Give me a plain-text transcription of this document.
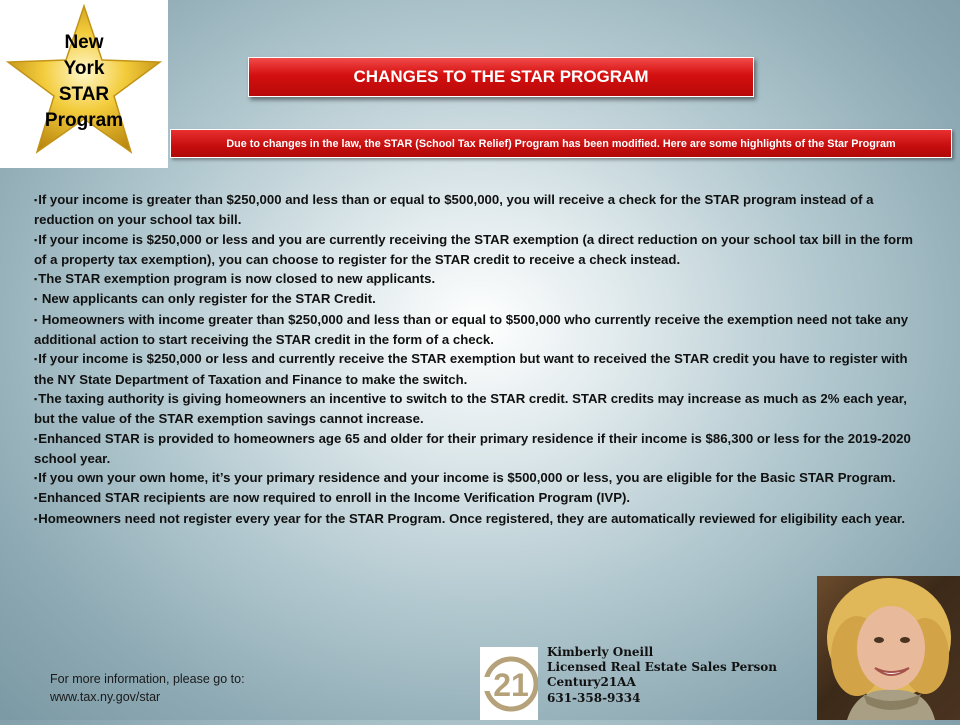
New
York
STAR
Program
CHANGES TO THE STAR PROGRAM
Due to changes in the law, the STAR (School Tax Relief) Program has been modified. Here are some highlights of the Star Program
▪ If your income is greater than $250,000 and less than or equal to $500,000, you will receive a check for the STAR program instead of a reduction on your school tax bill.
▪ If your income is $250,000 or less and you are currently receiving the STAR exemption (a direct reduction on your school tax bill in the form of a property tax exemption), you can choose to register for the STAR credit to receive a check instead.
▪ The STAR exemption program is now closed to new applicants.
▪ New applicants can only register for the STAR Credit.
▪ Homeowners with income greater than $250,000 and less than or equal to $500,000 who currently receive the exemption need not take any additional action to start receiving the STAR credit in the form of a check.
▪ If your income is $250,000 or less and currently receive the STAR exemption but want to received the STAR credit you have to register with the NY State Department of Taxation and Finance to make the switch.
▪ The taxing authority is giving homeowners an incentive to switch to the STAR credit. STAR credits may increase as much as 2% each year, but the value of the STAR exemption savings cannot increase.
▪ Enhanced STAR is provided to homeowners age 65 and older for their primary residence if their income is $86,300 or less for the 2019-2020 school year.
▪ If you own your own home, it’s your primary residence and your income is $500,000 or less, you are eligible for the Basic STAR Program.
▪ Enhanced STAR recipients are now required to enroll in the Income Verification Program (IVP).
▪ Homeowners need not register every year for the STAR Program. Once registered, they are automatically reviewed for eligibility each year.
For more information, please go to:
www.tax.ny.gov/star	21
Kimberly Oneill
Licensed Real Estate Sales Person
Century21AA
631-358-9334
